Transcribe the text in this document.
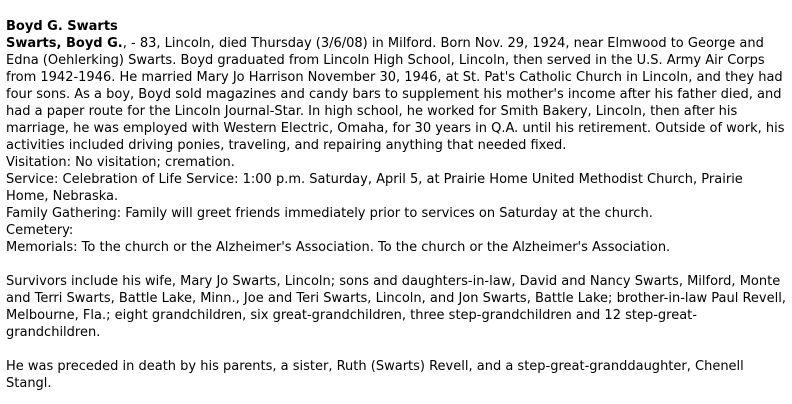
Boyd G. Swarts

Swarts, Boyd G., - 83, Lincoln, died Thursday (3/6/08) in Milford. Born Nov. 29, 1924, near Elmwood to George and Edna (Oehlerking) Swarts. Boyd graduated from Lincoln High School, Lincoln, then served in the U.S. Army Air Corps from 1942-1946. He married Mary Jo Harrison November 30, 1946, at St. Pat's Catholic Church in Lincoln, and they had four sons. As a boy, Boyd sold magazines and candy bars to supplement his mother's income after his father died, and had a paper route for the Lincoln Journal-Star. In high school, he worked for Smith Bakery, Lincoln, then after his marriage, he was employed with Western Electric, Omaha, for 30 years in Q.A. until his retirement. Outside of work, his activities included driving ponies, traveling, and repairing anything that needed fixed.

Visitation: No visitation; cremation.

Service: Celebration of Life Service: 1:00 p.m. Saturday, April 5, at Prairie Home United Methodist Church, Prairie Home, Nebraska.

Family Gathering: Family will greet friends immediately prior to services on Saturday at the church.

Cemetery:

Memorials: To the church or the Alzheimer's Association. To the church or the Alzheimer's Association.

Survivors include his wife, Mary Jo Swarts, Lincoln; sons and daughters-in-law, David and Nancy Swarts, Milford, Monte and Terri Swarts, Battle Lake, Minn., Joe and Teri Swarts, Lincoln, and Jon Swarts, Battle Lake; brother-in-law Paul Revell, Melbourne, Fla.; eight grandchildren, six great-grandchildren, three step-grandchildren and 12 step-great-grandchildren.

He was preceded in death by his parents, a sister, Ruth (Swarts) Revell, and a step-great-granddaughter, Chenell Stangl.
